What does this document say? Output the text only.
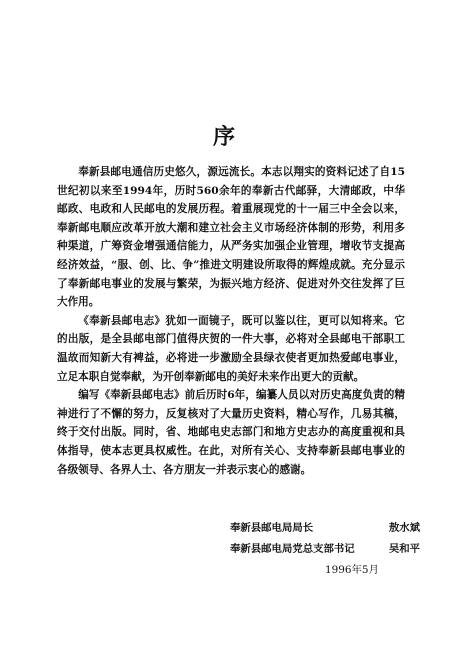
序

奉新县邮电通信历史悠久，源远流长。本志以翔实的资料记述了自15世纪初以来至1994年，历时560余年的奉新古代邮驿，大清邮政，中华邮政、电政和人民邮电的发展历程。着重展现党的十一届三中全会以来，奉新邮电顺应改革开放大潮和建立社会主义市场经济体制的形势，利用多种渠道，广筹资金增强通信能力，从严务实加强企业管理，增收节支提高经济效益，“服、创、比、争”推进文明建设所取得的辉煌成就。充分显示了奉新邮电事业的发展与繁荣，为振兴地方经济、促进对外交往发挥了巨大作用。

《奉新县邮电志》犹如一面镜子，既可以鉴以往，更可以知将来。它的出版，是全县邮电部门值得庆贺的一件大事，必将对全县邮电干部职工温故而知新大有裨益，必将进一步激励全县绿衣使者更加热爱邮电事业，立足本职自觉奉献，为开创奉新邮电的美好未来作出更大的贡献。

编写《奉新县邮电志》前后历时6年，编纂人员以对历史高度负责的精神进行了不懈的努力，反复核对了大量历史资料，精心写作，几易其稿，终于交付出版。同时，省、地邮电史志部门和地方史志办的高度重视和具体指导，使本志更具权威性。在此，对所有关心、支持奉新县邮电事业的各级领导、各界人士、各方朋友一并表示衷心的感谢。

奉新县邮电局局长	敖水斌
奉新县邮电局党总支部书记	吴和平
1996年5月
